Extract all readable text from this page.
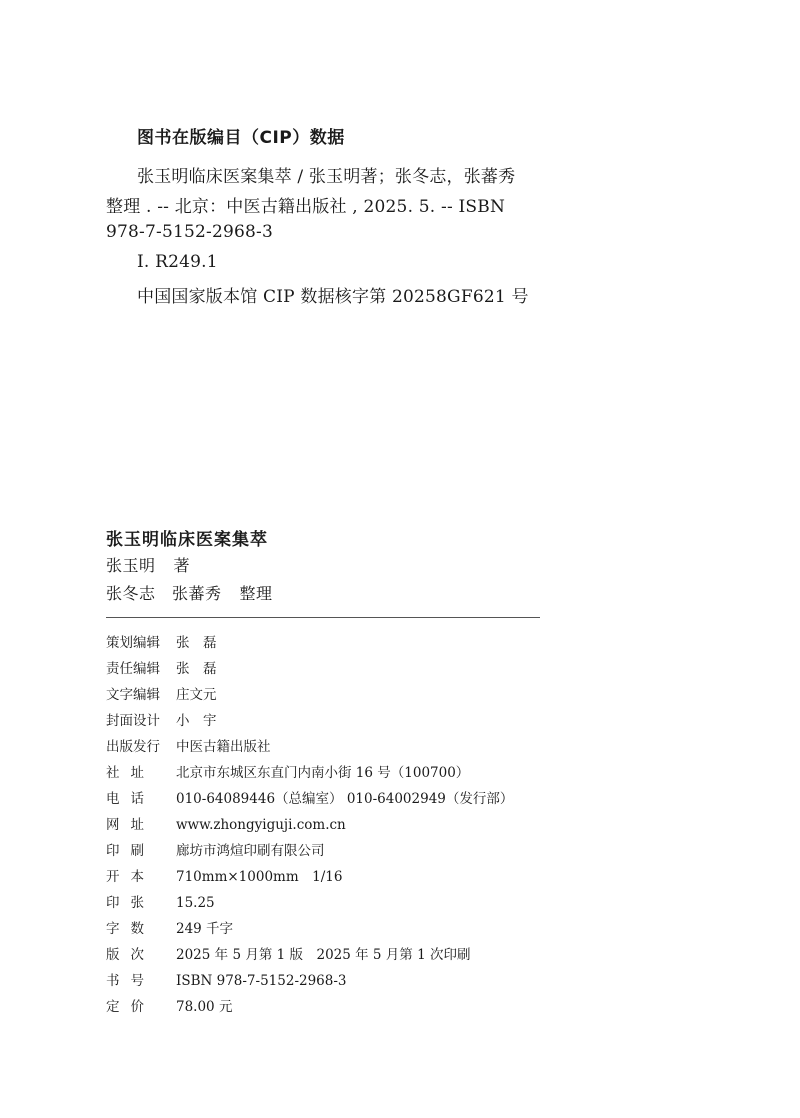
图书在版编目（CIP）数据
张玉明临床医案集萃 / 张玉明著；张冬志，张蕃秀
整理 . -- 北京：中医古籍出版社 , 2025. 5. -- ISBN
978-7-5152-2968-3
Ⅰ. R249.1
中国国家版本馆 CIP 数据核字第 20258GF621 号
张玉明临床医案集萃
张玉明 著
张冬志　张蕃秀 整理
策划编辑 张　磊
责任编辑 张　磊
文字编辑 庄文元
封面设计 小　宇
出版发行 中医古籍出版社
社 址 北京市东城区东直门内南小街 16 号（100700）
电 话 010-64089446（总编室） 010-64002949（发行部）
网 址 www.zhongyiguji.com.cn
印 刷 廊坊市鸿煊印刷有限公司
开 本 710mm×1000mm　1/16
印 张 15.25
字 数 249 千字
版 次 2025 年 5 月第 1 版　2025 年 5 月第 1 次印刷
书 号 ISBN 978-7-5152-2968-3
定 价 78.00 元
